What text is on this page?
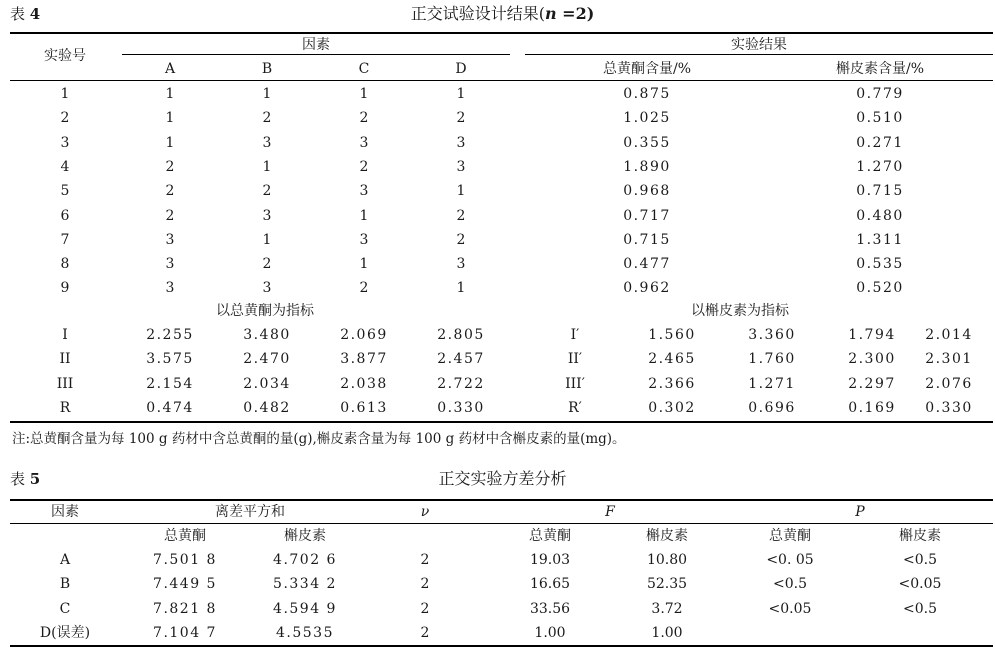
表 4	正交试验设计结果(n =2)
实验号
因素	实验结果
A	B	C	D	总黄酮含量/%	槲皮素含量/%
1	1	1	1	1	0.875	0.779
2	1	2	2	2	1.025	0.510
3	1	3	3	3	0.355	0.271
4	2	1	2	3	1.890	1.270
5	2	2	3	1	0.968	0.715
6	2	3	1	2	0.717	0.480
7	3	1	3	2	0.715	1.311
8	3	2	1	3	0.477	0.535
9	3	3	2	1	0.962	0.520
以总黄酮为指标	以槲皮素为指标
I	2.255	3.480	2.069	2.805	I′	1.560	3.360	1.794	2.014
II	3.575	2.470	3.877	2.457	II′	2.465	1.760	2.300	2.301
III	2.154	2.034	2.038	2.722	III′	2.366	1.271	2.297	2.076
R	0.474	0.482	0.613	0.330	R′	0.302	0.696	0.169	0.330
注:总黄酮含量为每 100 g 药材中含总黄酮的量(g),槲皮素含量为每 100 g 药材中含槲皮素的量(mg)。
表 5	正交实验方差分析
因素	离差平方和	ν	F	P
总黄酮	槲皮素	总黄酮	槲皮素	总黄酮	槲皮素
A	7.501 8	4.702 6	2	19.03	10.80	<0. 05	<0.5
B	7.449 5	5.334 2	2	16.65	52.35	<0.5	<0.05
C	7.821 8	4.594 9	2	33.56	3.72	<0.05	<0.5
D(误差)	7.104 7	4.5535	2	1.00	1.00
